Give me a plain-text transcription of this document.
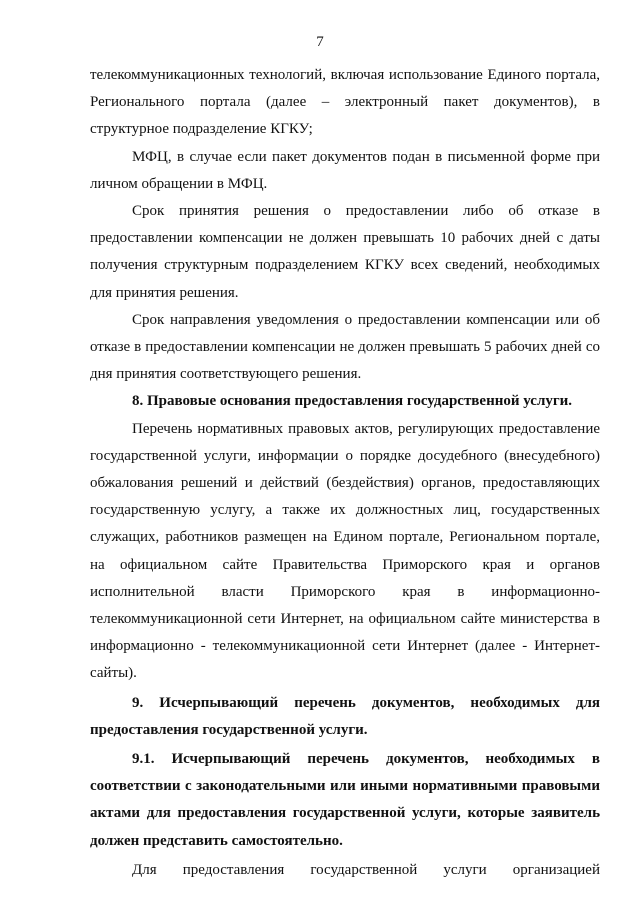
7

телекоммуникационных технологий, включая использование Единого портала, Регионального портала (далее – электронный пакет документов), в структурное подразделение КГКУ;

МФЦ, в случае если пакет документов подан в письменной форме при личном обращении в МФЦ.

Срок принятия решения о предоставлении либо об отказе в предоставлении компенсации не должен превышать 10 рабочих дней с даты получения структурным подразделением КГКУ всех сведений, необходимых для принятия решения.

Срок направления уведомления о предоставлении компенсации или об отказе в предоставлении компенсации не должен превышать 5 рабочих дней со дня принятия соответствующего решения.

8. Правовые основания предоставления государственной услуги.

Перечень нормативных правовых актов, регулирующих предоставление государственной услуги, информации о порядке досудебного (внесудебного) обжалования решений и действий (бездействия) органов, предоставляющих государственную услугу, а также их должностных лиц, государственных служащих, работников размещен на Едином портале, Региональном портале, на официальном сайте Правительства Приморского края и органов исполнительной власти Приморского края в информационно-телекоммуникационной сети Интернет, на официальном сайте министерства в информационно - телекоммуникационной сети Интернет (далее - Интернет-сайты).

9. Исчерпывающий перечень документов, необходимых для предоставления государственной услуги.

9.1. Исчерпывающий перечень документов, необходимых в соответствии с законодательными или иными нормативными правовыми актами для предоставления государственной услуги, которые заявитель должен представить самостоятельно.

Для предоставления государственной услуги организацией
